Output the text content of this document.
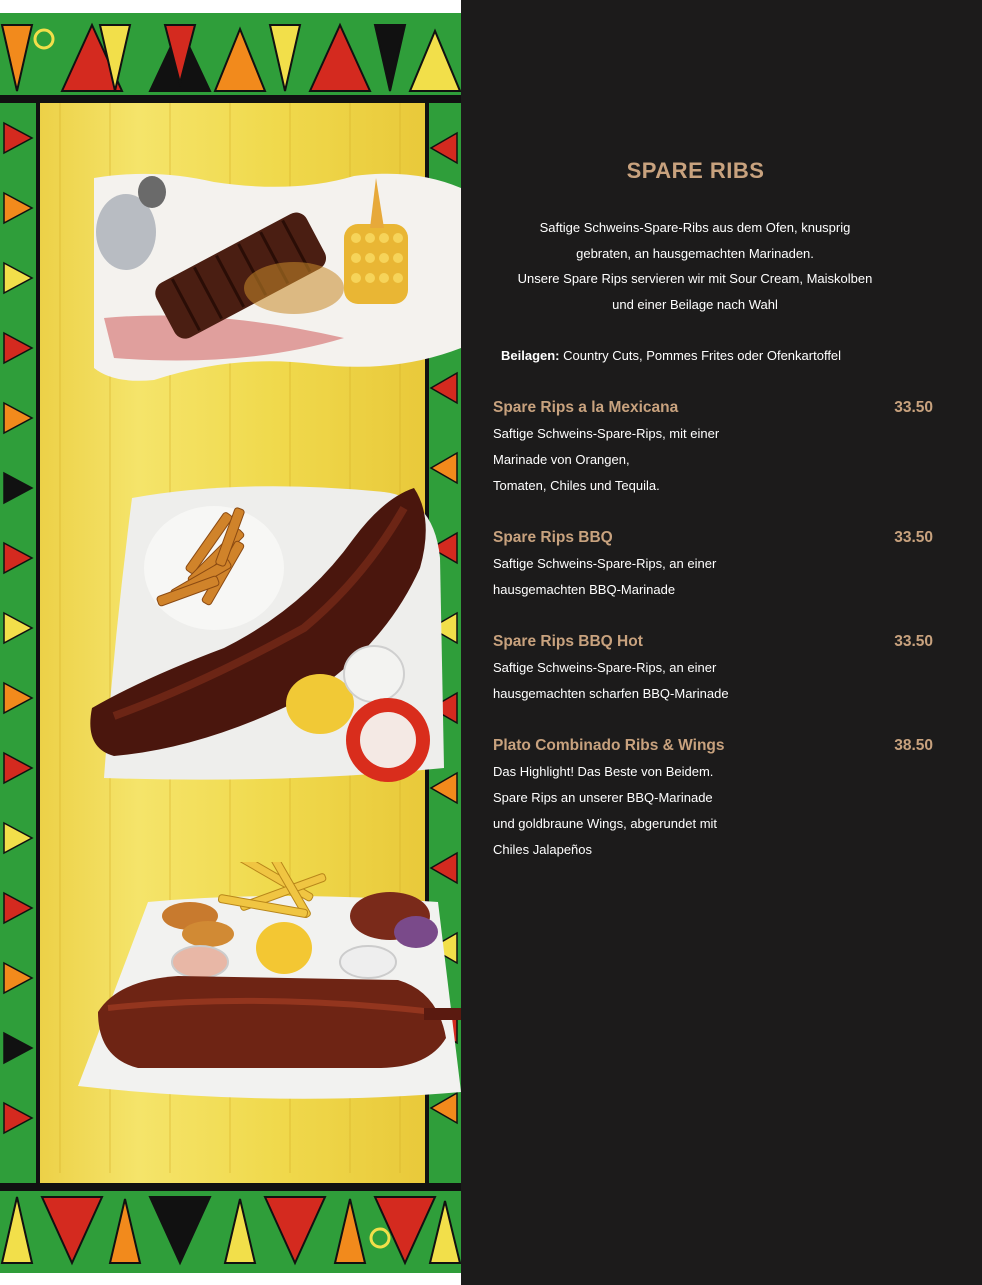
SPARE RIBS
Saftige Schweins-Spare-Ribs aus dem Ofen, knusprig
gebraten, an hausgemachten Marinaden.
Unsere Spare Rips servieren wir mit Sour Cream, Maiskolben
und einer Beilage nach Wahl
Beilagen: Country Cuts, Pommes Frites oder Ofenkartoffel
Spare Rips a la Mexicana	33.50
Saftige Schweins-Spare-Rips, mit einer
Marinade von Orangen,
Tomaten, Chiles und Tequila.
Spare Rips BBQ	33.50
Saftige Schweins-Spare-Rips, an einer
hausgemachten BBQ-Marinade
Spare Rips BBQ Hot	33.50
Saftige Schweins-Spare-Rips, an einer
hausgemachten scharfen BBQ-Marinade
Plato Combinado Ribs & Wings	38.50
Das Highlight! Das Beste von Beidem.
Spare Rips an unserer BBQ-Marinade
und goldbraune Wings, abgerundet mit
Chiles Jalapeños
